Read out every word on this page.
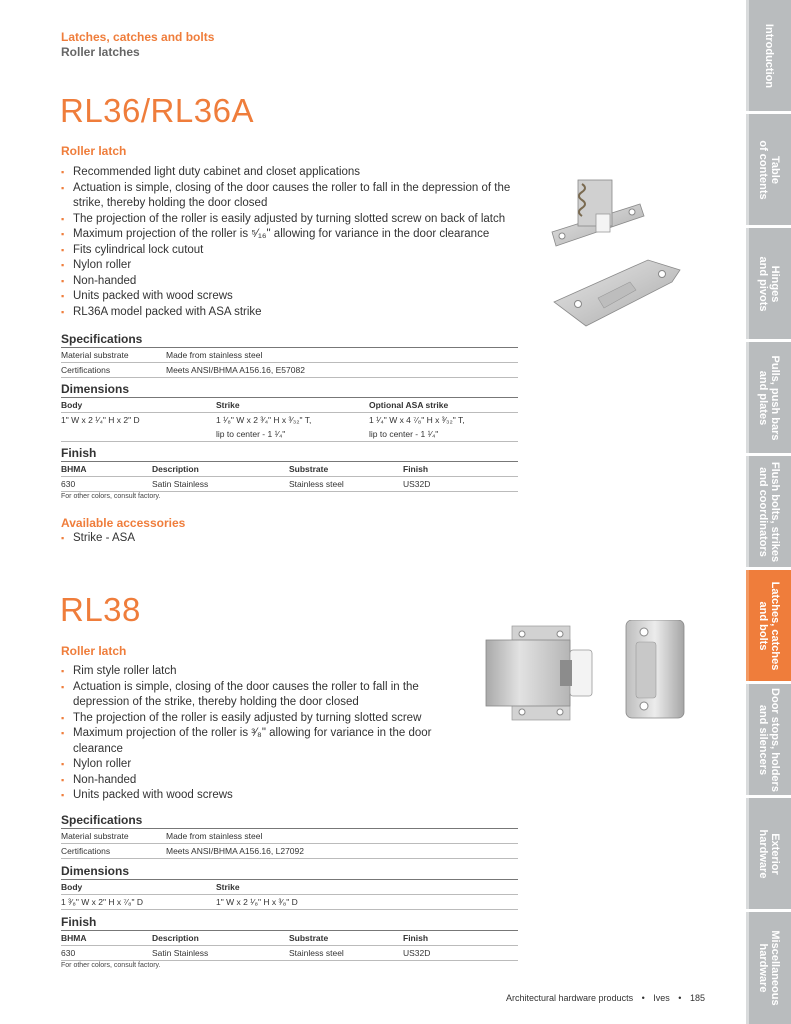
Latches, catches and bolts
Roller latches
RL36/RL36A
Roller latch
▪ Recommended light duty cabinet and closet applications
▪ Actuation is simple, closing of the door causes the roller to fall in the depression of the strike, thereby holding the door closed
▪ The projection of the roller is easily adjusted by turning slotted screw on back of latch
▪ Maximum projection of the roller is ⁵⁄₁₆" allowing for variance in the door clearance
▪ Fits cylindrical lock cutout
▪ Nylon roller
▪ Non-handed
▪ Units packed with wood screws
▪ RL36A model packed with ASA strike
Specifications
Material substrate	Made from stainless steel
Certifications	Meets ANSI/BHMA A156.16, E57082
Dimensions
Body	Strike	Optional ASA strike
1" W x 2 ¹⁄₄" H x 2" D	1 ¹⁄₈" W x 2 ³⁄₄" H x ³⁄₃₂" T,	1 ¹⁄₄" W x 4 ⁷⁄₈" H x ³⁄₃₂" T,
	lip to center - 1 ¹⁄₄"	lip to center - 1 ¹⁄₄"
Finish
BHMA	Description	Substrate	Finish
630	Satin Stainless	Stainless steel	US32D
For other colors, consult factory.
Available accessories
▪ Strike - ASA
RL38
Roller latch
▪ Rim style roller latch
▪ Actuation is simple, closing of the door causes the roller to fall in the depression of the strike, thereby holding the door closed
▪ The projection of the roller is easily adjusted by turning slotted screw
▪ Maximum projection of the roller is ³⁄₈" allowing for variance in the door clearance
▪ Nylon roller
▪ Non-handed
▪ Units packed with wood screws
Specifications
Material substrate	Made from stainless steel
Certifications	Meets ANSI/BHMA A156.16, L27092
Dimensions
Body	Strike
1 ³⁄₈" W x 2" H x ⁷⁄₈" D	1" W x 2 ¹⁄₈" H x ³⁄₈" D
Finish
BHMA	Description	Substrate	Finish
630	Satin Stainless	Stainless steel	US32D
For other colors, consult factory.
Architectural hardware products • Ives • 185
Introduction
Table
of contents
Hinges
and pivots
Pulls, push bars
and plates
Flush bolts, strikes
and coordinators
Latches, catches
and bolts
Door stops, holders
and silencers
Exterior
hardware
Miscellaneous
hardware
